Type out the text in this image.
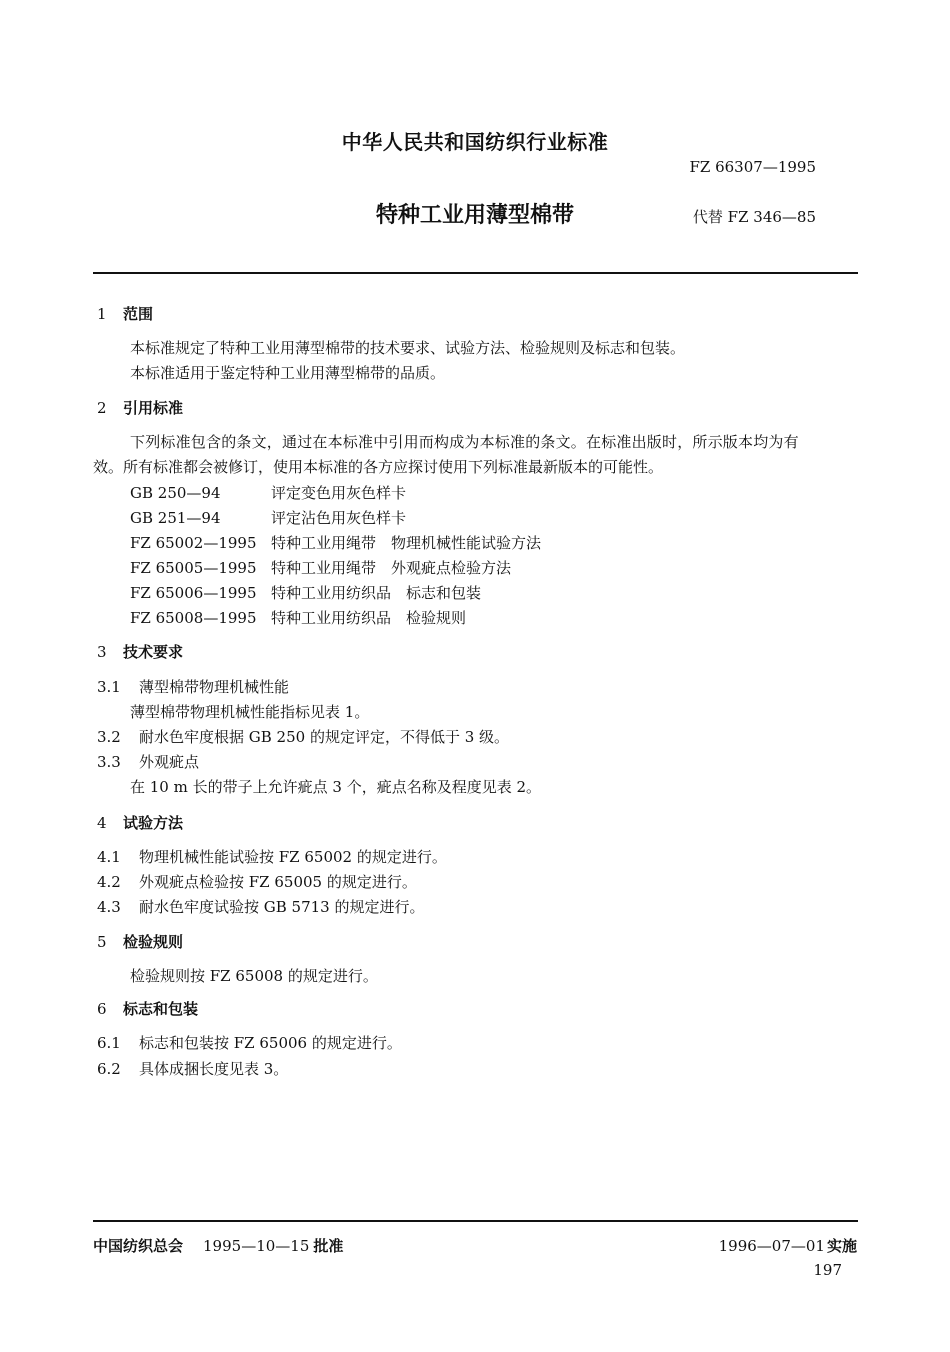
中华人民共和国纺织行业标准
FZ 66307—1995
特种工业用薄型棉带	代替 FZ 346—85
1 范围
本标准规定了特种工业用薄型棉带的技术要求、试验方法、检验规则及标志和包装。
本标准适用于鉴定特种工业用薄型棉带的品质。
2 引用标准
下列标准包含的条文，通过在本标准中引用而构成为本标准的条文。在标准出版时，所示版本均为有
效。所有标准都会被修订，使用本标准的各方应探讨使用下列标准最新版本的可能性。
GB 250—94	评定变色用灰色样卡
GB 251—94	评定沾色用灰色样卡
FZ 65002—1995 特种工业用绳带　物理机械性能试验方法
FZ 65005—1995 特种工业用绳带　外观疵点检验方法
FZ 65006—1995 特种工业用纺织品　标志和包装
FZ 65008—1995 特种工业用纺织品　检验规则
3 技术要求
3.1 薄型棉带物理机械性能
薄型棉带物理机械性能指标见表 1。
3.2 耐水色牢度根据 GB 250 的规定评定，不得低于 3 级。
3.3 外观疵点
在 10 m 长的带子上允许疵点 3 个，疵点名称及程度见表 2。
4 试验方法
4.1 物理机械性能试验按 FZ 65002 的规定进行。
4.2 外观疵点检验按 FZ 65005 的规定进行。
4.3 耐水色牢度试验按 GB 5713 的规定进行。
5 检验规则
检验规则按 FZ 65008 的规定进行。
6 标志和包装
6.1 标志和包装按 FZ 65006 的规定进行。
6.2 具体成捆长度见表 3。
中国纺织总会 1995—10—15 批准	1996—07—01 实施
197
